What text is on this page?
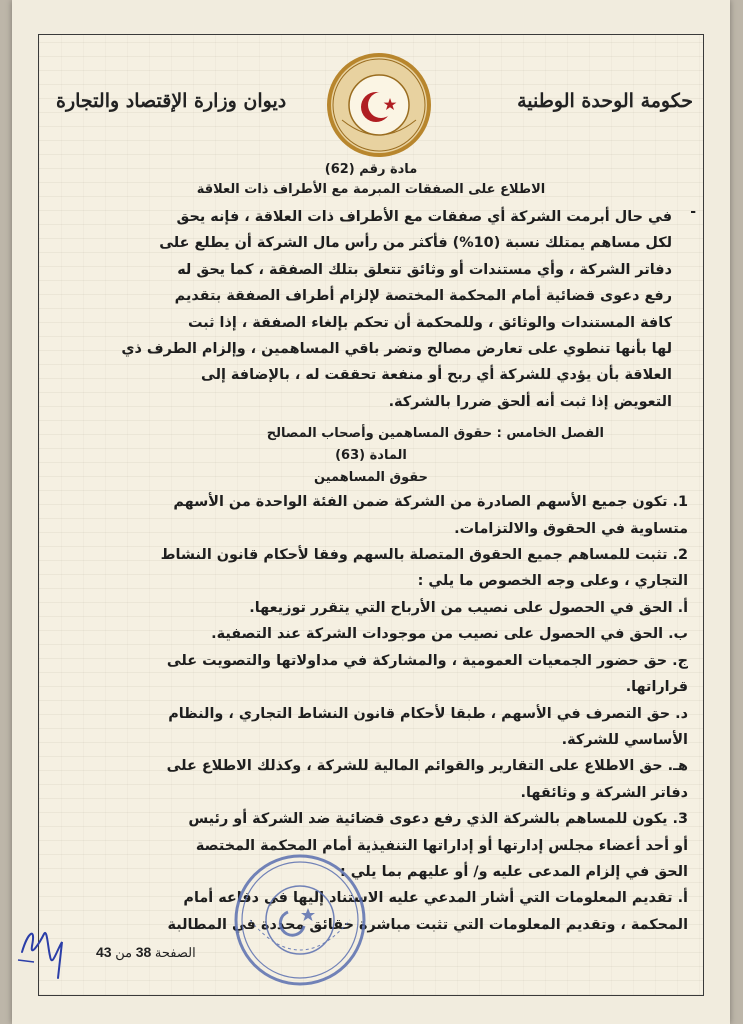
حكومة الوحدة الوطنية
ديوان وزارة الإقتصاد والتجارة
مادة رقم (62)
الاطلاع على الصفقات المبرمة مع الأطراف ذات العلاقة
-
في حال أبرمت الشركة أي صفقات مع الأطراف ذات العلاقة ، فإنه يحق
لكل مساهم يمتلك نسبة (10%) فأكثر من رأس مال الشركة أن يطلع على
دفاتر الشركة ، وأي مستندات أو وثائق تتعلق بتلك الصفقة ، كما يحق له
رفع دعوى قضائية أمام المحكمة المختصة لإلزام أطراف الصفقة بتقديم
كافة المستندات والوثائق ، وللمحكمة أن تحكم بإلغاء الصفقة ، إذا ثبت
لها بأنها تنطوي على تعارض مصالح وتضر باقي المساهمين ، وإلزام الطرف ذي
العلاقة بأن يؤدي للشركة أي ربح أو منفعة تحققت له ، بالإضافة إلى
التعويض إذا ثبت أنه ألحق ضررا بالشركة.
الفصل الخامس : حقوق المساهمين وأصحاب المصالح
المادة (63)
حقوق المساهمين
1. تكون جميع الأسهم الصادرة من الشركة ضمن الفئة الواحدة من الأسهم
متساوية في الحقوق والالتزامات.
2. تثبت للمساهم جميع الحقوق المتصلة بالسهم وفقا لأحكام قانون النشاط
التجاري ، وعلى وجه الخصوص ما يلي :
أ. الحق في الحصول على نصيب من الأرباح التي يتقرر توزيعها.
ب. الحق في الحصول على نصيب من موجودات الشركة عند التصفية.
ج. حق حضور الجمعيات العمومية ، والمشاركة في مداولاتها والتصويت على
قراراتها.
د. حق التصرف في الأسهم ، طبقا لأحكام قانون النشاط التجاري ، والنظام
الأساسي للشركة.
هـ. حق الاطلاع على التقارير والقوائم المالية للشركة ، وكذلك الاطلاع على
دفاتر الشركة و وثائقها.
3. يكون للمساهم بالشركة الذي رفع دعوى قضائية ضد الشركة أو رئيس
أو أحد أعضاء مجلس إدارتها أو إداراتها التنفيذية أمام المحكمة المختصة
الحق في إلزام المدعى عليه و/ أو عليهم بما يلي :
أ. تقديم المعلومات التي أشار المدعي عليه الاستناد إليها في دفاعه أمام
المحكمة ، وتقديم المعلومات التي تثبت مباشرة حقائق محددة في المطالبة
الصفحة 38 من 43
